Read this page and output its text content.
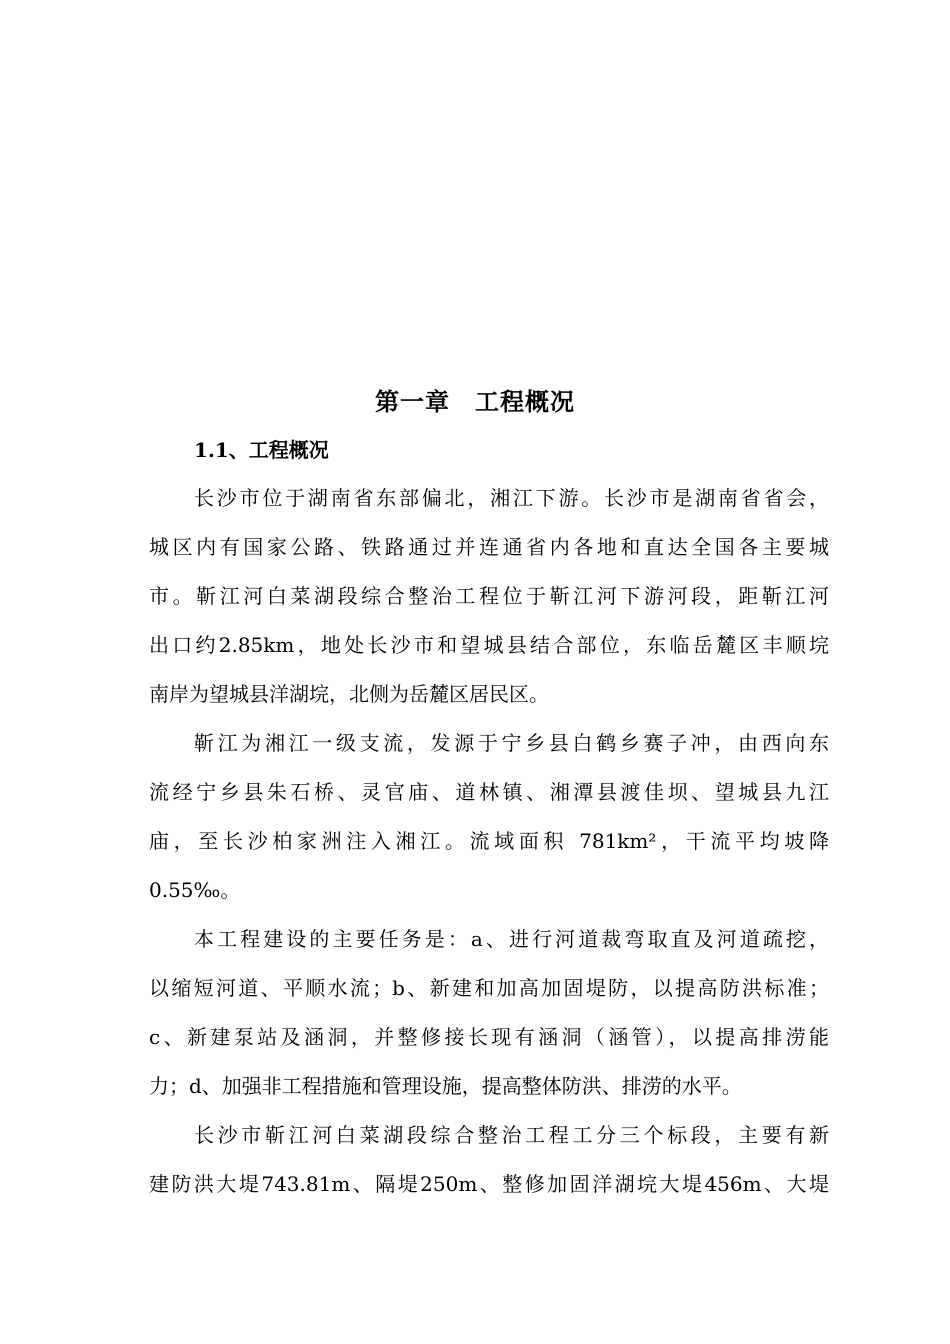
第一章　工程概况
1.1、工程概况
长沙市位于湖南省东部偏北，湘江下游。长沙市是湖南省省会，
城区内有国家公路、铁路通过并连通省内各地和直达全国各主要城
市。靳江河白菜湖段综合整治工程位于靳江河下游河段，距靳江河
出口约2.85km，地处长沙市和望城县结合部位，东临岳麓区丰顺垸
南岸为望城县洋湖垸，北侧为岳麓区居民区。
靳江为湘江一级支流，发源于宁乡县白鹤乡赛子冲，由西向东
流经宁乡县朱石桥、灵官庙、道林镇、湘潭县渡佳坝、望城县九江
庙，至长沙柏家洲注入湘江。流域面积 781km²，干流平均坡降
0.55‰。
本工程建设的主要任务是：a、进行河道裁弯取直及河道疏挖，
以缩短河道、平顺水流；b、新建和加高加固堤防，以提高防洪标准；
c、新建泵站及涵洞，并整修接长现有涵洞（涵管），以提高排涝能
力；d、加强非工程措施和管理设施，提高整体防洪、排涝的水平。
长沙市靳江河白菜湖段综合整治工程工分三个标段，主要有新
建防洪大堤743.81m、隔堤250m、整修加固洋湖垸大堤456m、大堤
